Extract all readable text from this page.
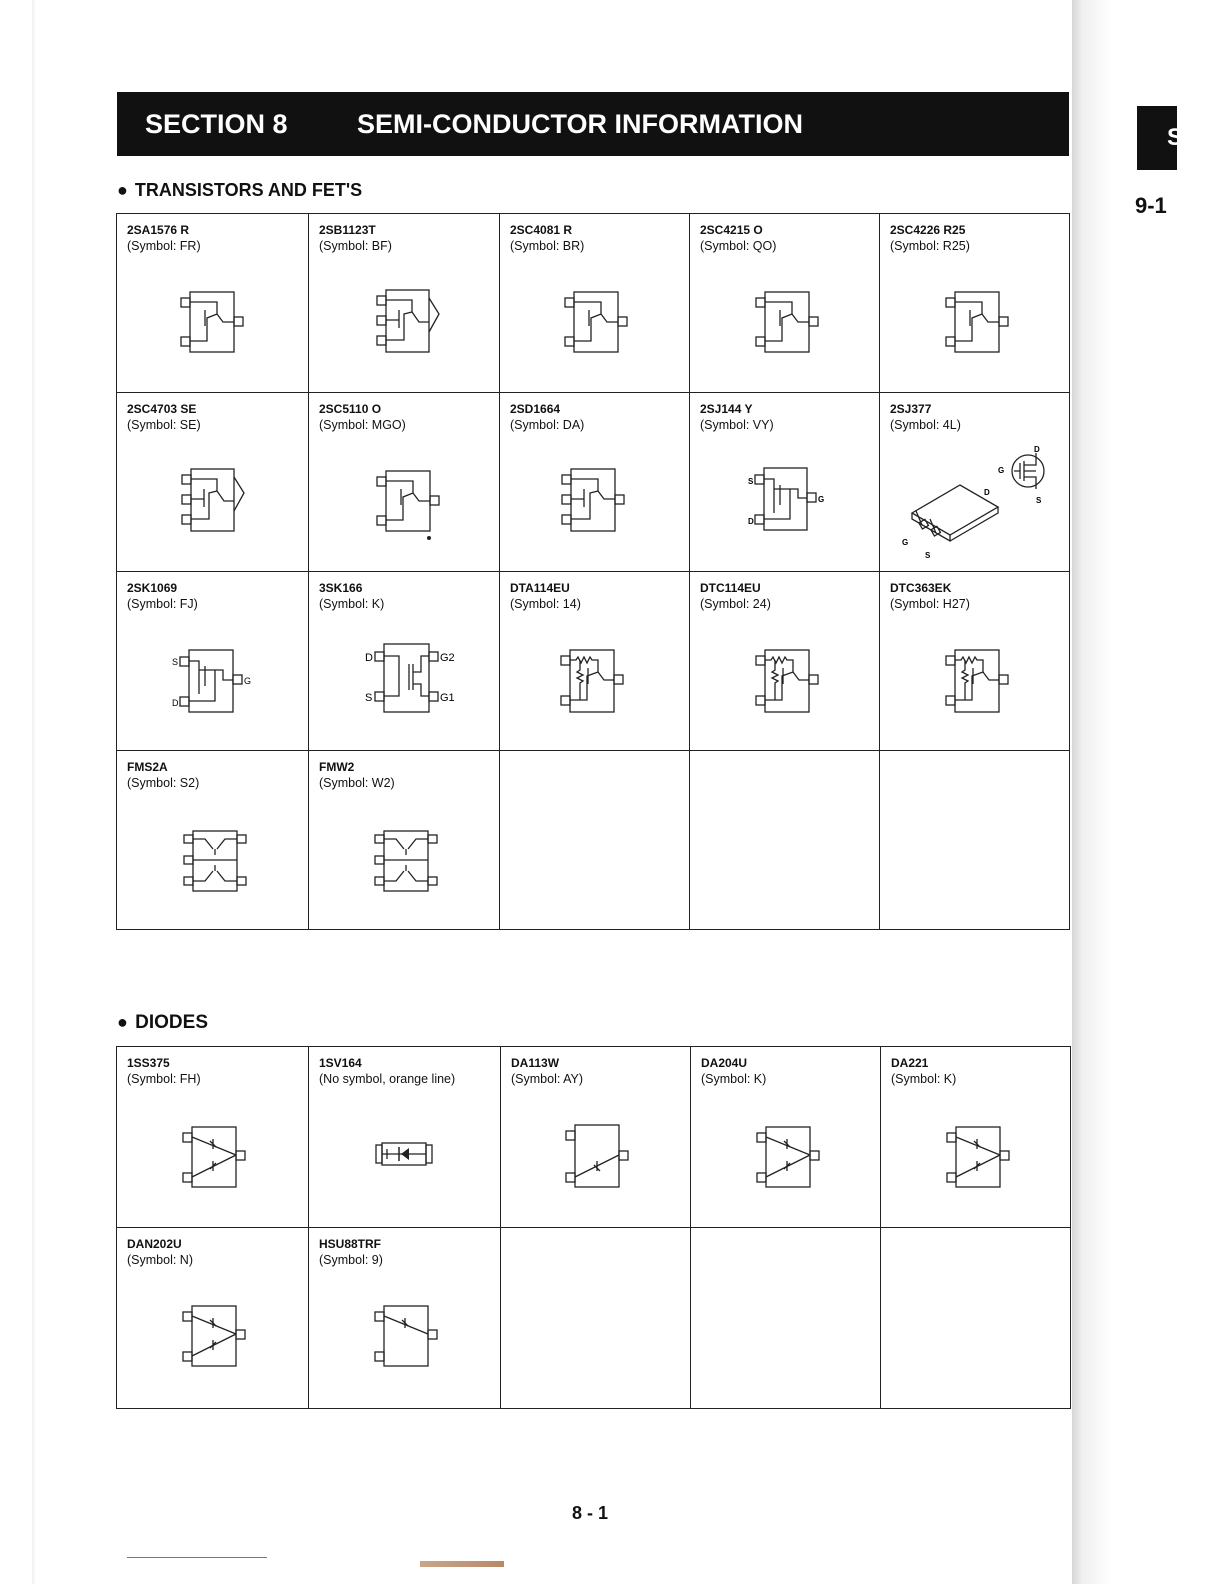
SECTION 8	SEMI-CONDUCTOR INFORMATION	S
9-1
● TRANSISTORS AND FET'S
2SA1576 R
(Symbol: FR)
2SB1123T
(Symbol: BF)
2SC4081 R
(Symbol: BR)
2SC4215 O
(Symbol: QO)
2SC4226 R25
(Symbol: R25)
2SC4703 SE
(Symbol: SE)
2SC5110 O
(Symbol: MGO)
2SD1664
(Symbol: DA)
2SJ144 Y
(Symbol: VY)
S
D
G
2SJ377
(Symbol: 4L)
D
G
S
D
G
S
2SK1069
(Symbol: FJ)
S
D
G
3SK166
(Symbol: K)
D
S
G2
G1
DTA114EU
(Symbol: 14)
DTC114EU
(Symbol: 24)
DTC363EK
(Symbol: H27)
FMS2A
(Symbol: S2)
FMW2
(Symbol: W2)
● DIODES
1SS375
(Symbol: FH)
1SV164
(No symbol, orange line)
DA113W
(Symbol: AY)
DA204U
(Symbol: K)
DA221
(Symbol: K)
DAN202U
(Symbol: N)
HSU88TRF
(Symbol: 9)
8 - 1
